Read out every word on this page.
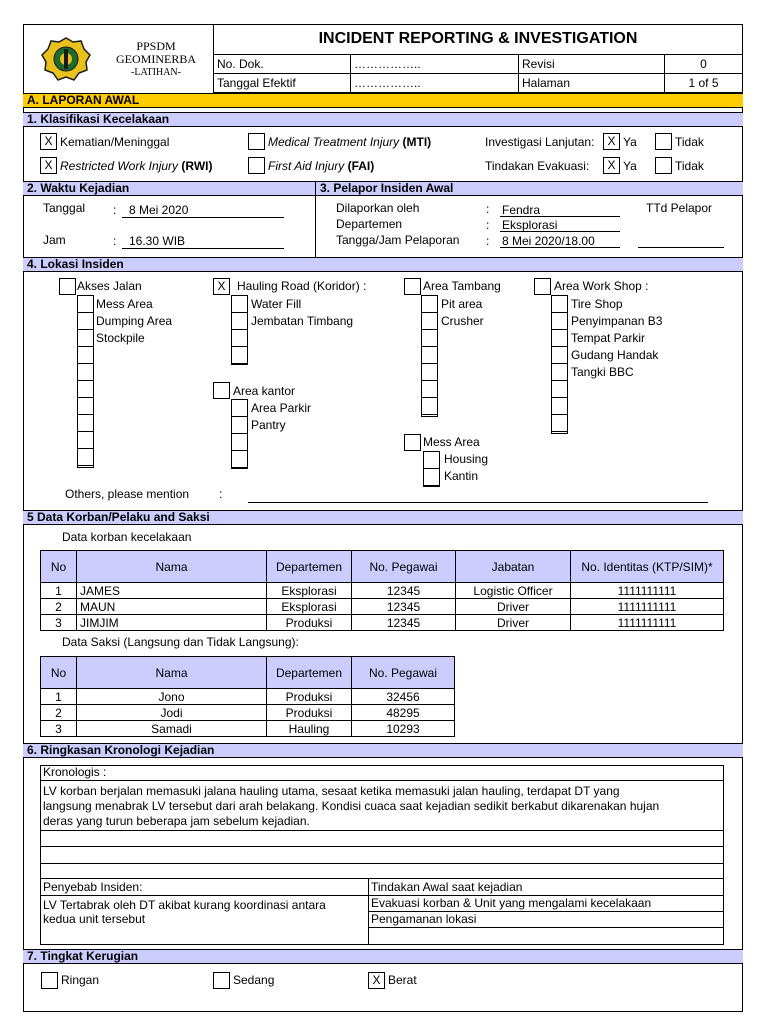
PPSDM
GEOMINERBA
-LATIHAN-
INCIDENT REPORTING & INVESTIGATION
No. Dok.	……………..	Revisi	0
Tanggal Efektif	……………..	Halaman	1 of 5
A. LAPORAN AWAL
1. Klasifikasi Kecelakaan
X Kematian/Meninggal	Medical Treatment Injury (MTI)	Investigasi Lanjutan:	X Ya	Tidak
X Restricted Work Injury (RWI)	First Aid Injury (FAI)	Tindakan Evakuasi:	X Ya	Tidak
2. Waktu Kejadian	3. Pelapor Insiden Awal
Tanggal : 8 Mei 2020
Jam	: 16.30 WIB
Dilaporkan oleh	: Fendra	TTd Pelapor
Departemen	: Eksplorasi
Tangga/Jam Pelaporan : 8 Mei 2020/18.00
4. Lokasi Insiden
Akses Jalan
Mess Area
Dumping Area
Stockpile
X Hauling Road (Koridor) :
Water Fill
Jembatan Timbang
Area kantor
Area Parkir
Pantry
Area Tambang
Pit area
Crusher
Mess Area
Housing
Kantin
Area Work Shop :
Tire Shop
Penyimpanan B3
Tempat Parkir
Gudang Handak
Tangki BBC
Others, please mention :
5 Data Korban/Pelaku and Saksi
Data korban kecelakaan
No	Nama	Departemen	No. Pegawai	Jabatan	No. Identitas (KTP/SIM)*
1	JAMES	Eksplorasi	12345	Logistic Officer	1111111111
2	MAUN	Eksplorasi	12345	Driver	1111111111
3	JIMJIM	Produksi	12345	Driver	1111111111
Data Saksi (Langsung dan Tidak Langsung):
No	Nama	Departemen	No. Pegawai
1	Jono	Produksi	32456
2	Jodi	Produksi	48295
3	Samadi	Hauling	10293
6. Ringkasan Kronologi Kejadian
Kronologis :
LV korban berjalan memasuki jalana hauling utama, sesaat ketika memasuki jalan hauling, terdapat DT yang
langsung menabrak LV tersebut dari arah belakang. Kondisi cuaca saat kejadian sedikit berkabut dikarenakan hujan
deras yang turun beberapa jam sebelum kejadian.
Penyebab Insiden:
LV Tertabrak oleh DT akibat kurang koordinasi antara
kedua unit tersebut
Tindakan Awal saat kejadian
Evakuasi korban & Unit yang mengalami kecelakaan
Pengamanan lokasi
7. Tingkat Kerugian
Ringan	Sedang	X Berat
